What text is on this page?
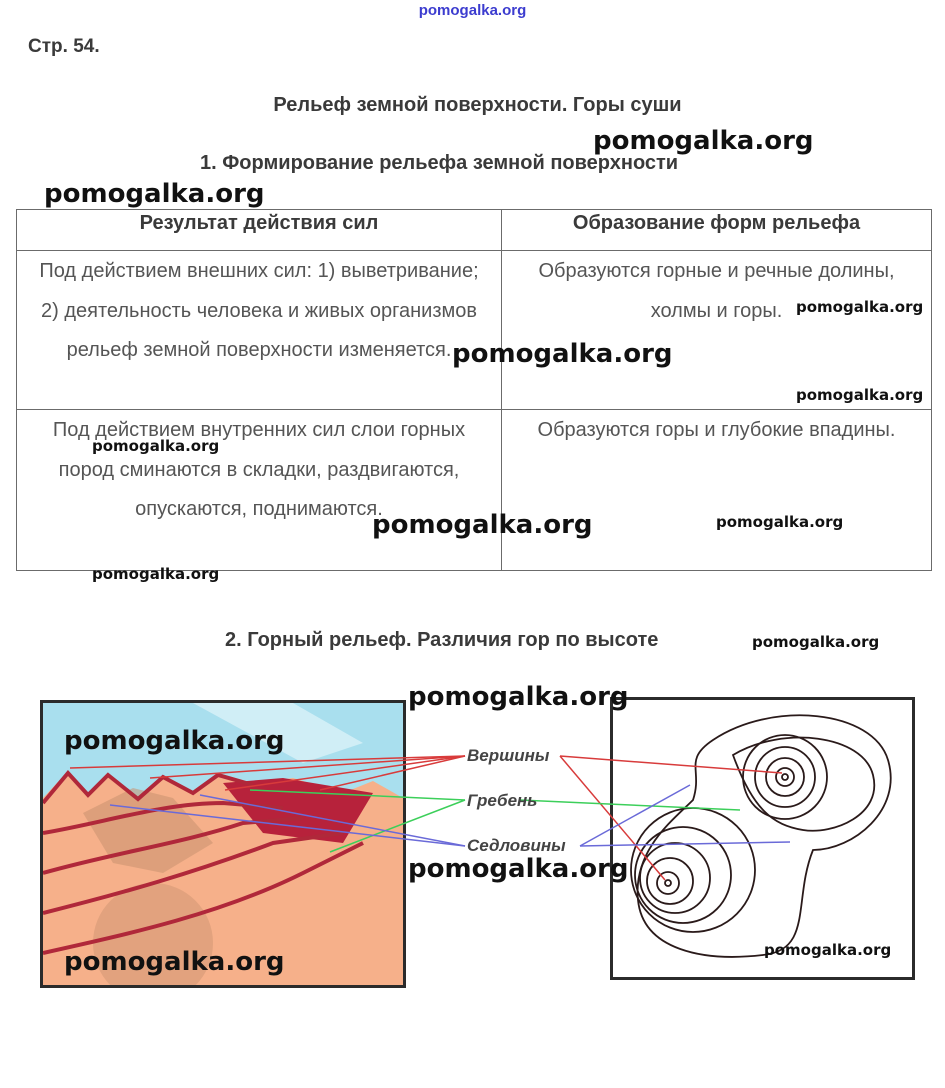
pomogalka.org
Стр. 54.
Рельеф земной поверхности. Горы суши
1. Формирование рельефа земной поверхности
Результат действия сил	Образование форм рельефа
Под действием внешних сил: 1) выветривание; 2) деятельность человека и живых организмов рельеф земной поверхности изменяется.	Образуются горные и речные долины, холмы и горы.
Под действием внутренних сил слои горных пород сминаются в складки, раздвигаются, опускаются, поднимаются.	Образуются горы и глубокие впадины.
2. Горный рельеф. Различия гор по высоте
Вершины
Гребень
Седловины
pomogalka.org
pomogalka.org
pomogalka.org
pomogalka.org
pomogalka.org
pomogalka.org
pomogalka.org	pomogalka.org
pomogalka.org
pomogalka.org
pomogalka.org
pomogalka.org
pomogalka.org
pomogalka.org
pomogalka.org
